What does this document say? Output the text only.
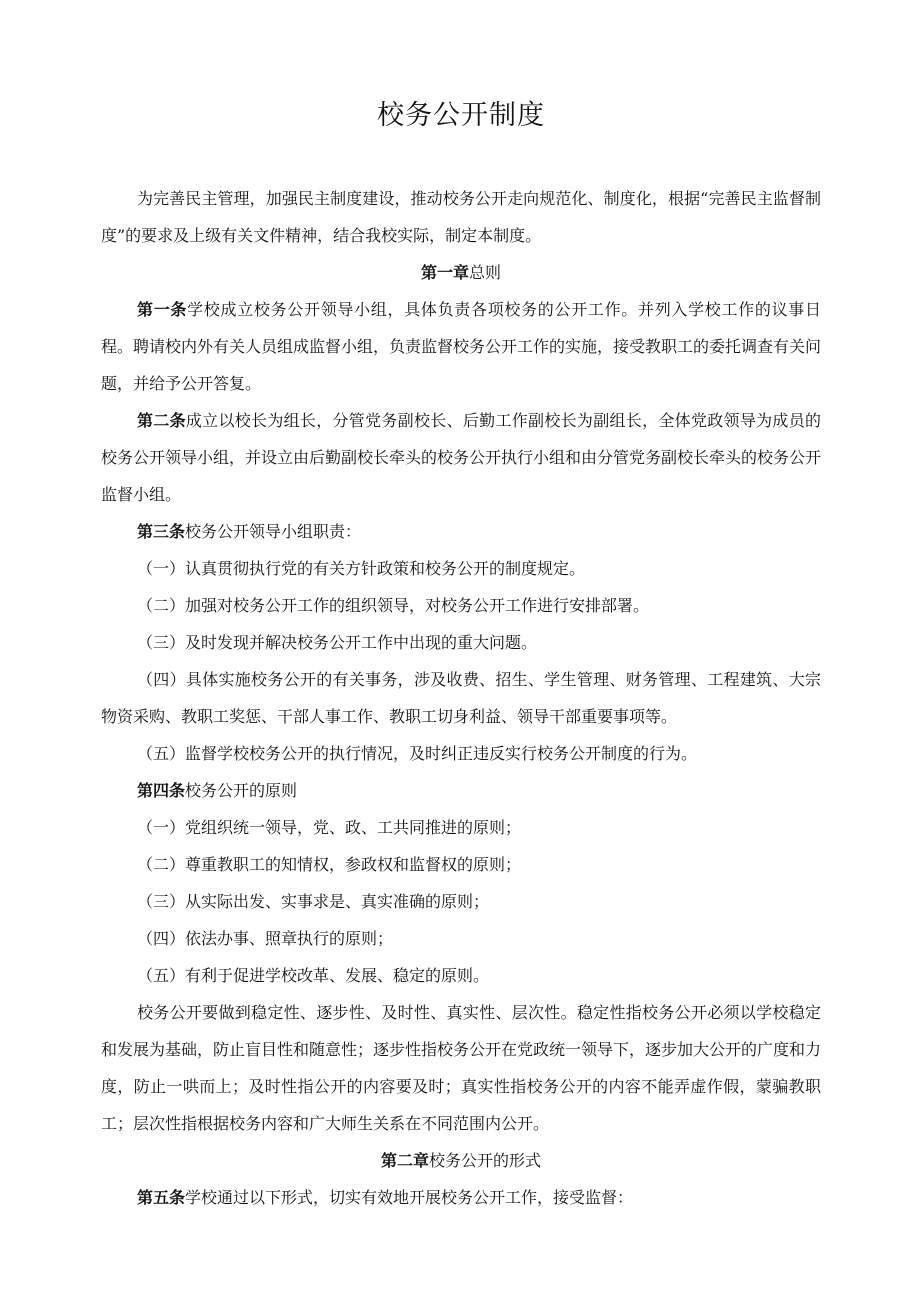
校务公开制度

为完善民主管理，加强民主制度建设，推动校务公开走向规范化、制度化，根据“完善民主监督制度”的要求及上级有关文件精神，结合我校实际，制定本制度。

第一章总则

第一条学校成立校务公开领导小组，具体负责各项校务的公开工作。并列入学校工作的议事日程。聘请校内外有关人员组成监督小组，负责监督校务公开工作的实施，接受教职工的委托调查有关问题，并给予公开答复。

第二条成立以校长为组长，分管党务副校长、后勤工作副校长为副组长，全体党政领导为成员的校务公开领导小组，并设立由后勤副校长牵头的校务公开执行小组和由分管党务副校长牵头的校务公开监督小组。

第三条校务公开领导小组职责：

（一）认真贯彻执行党的有关方针政策和校务公开的制度规定。

（二）加强对校务公开工作的组织领导，对校务公开工作进行安排部署。

（三）及时发现并解决校务公开工作中出现的重大问题。

（四）具体实施校务公开的有关事务，涉及收费、招生、学生管理、财务管理、工程建筑、大宗物资采购、教职工奖惩、干部人事工作、教职工切身利益、领导干部重要事项等。

（五）监督学校校务公开的执行情况，及时纠正违反实行校务公开制度的行为。

第四条校务公开的原则

（一）党组织统一领导，党、政、工共同推进的原则；

（二）尊重教职工的知情权，参政权和监督权的原则；

（三）从实际出发、实事求是、真实准确的原则；

（四）依法办事、照章执行的原则；

（五）有利于促进学校改革、发展、稳定的原则。

校务公开要做到稳定性、逐步性、及时性、真实性、层次性。稳定性指校务公开必须以学校稳定和发展为基础，防止盲目性和随意性；逐步性指校务公开在党政统一领导下，逐步加大公开的广度和力度，防止一哄而上；及时性指公开的内容要及时；真实性指校务公开的内容不能弄虚作假，蒙骗教职工；层次性指根据校务内容和广大师生关系在不同范围内公开。

第二章校务公开的形式

第五条学校通过以下形式，切实有效地开展校务公开工作，接受监督：
